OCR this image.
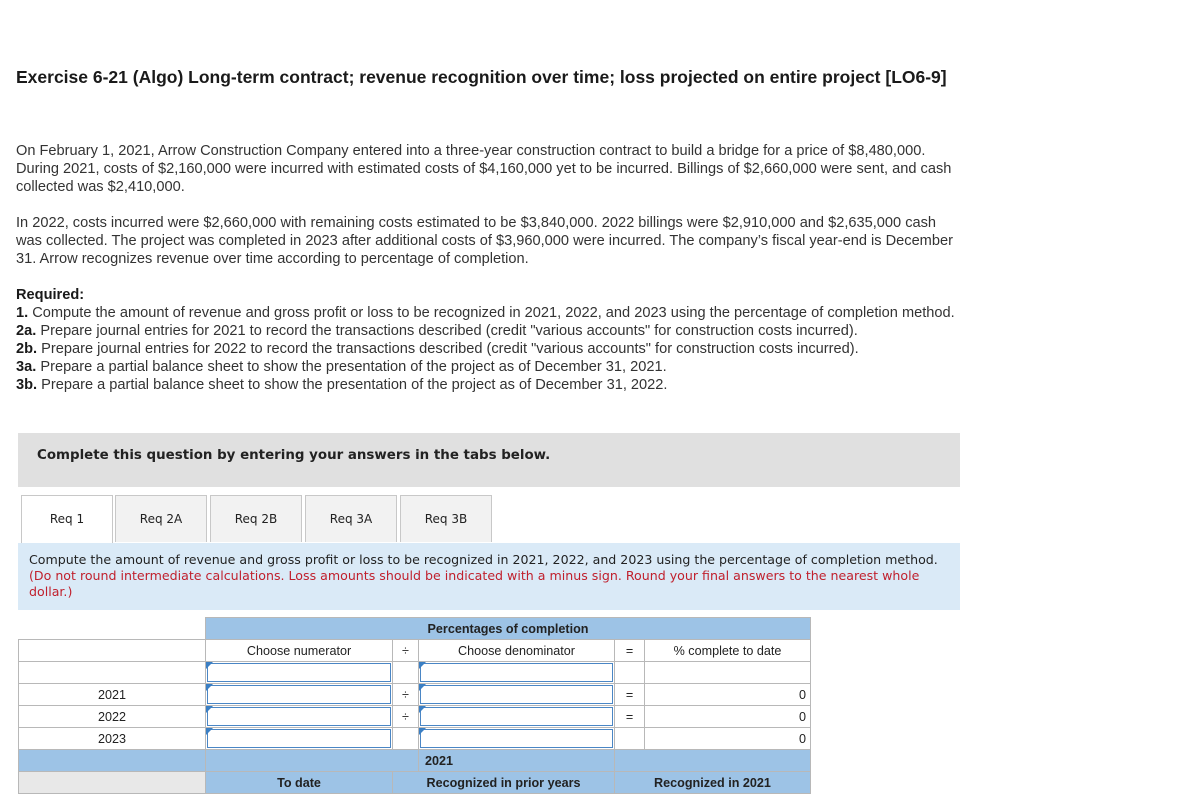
Exercise 6-21 (Algo) Long-term contract; revenue recognition over time; loss projected on entire project [LO6-9]
On February 1, 2021, Arrow Construction Company entered into a three-year construction contract to build a bridge for a price of $8,480,000. During 2021, costs of $2,160,000 were incurred with estimated costs of $4,160,000 yet to be incurred. Billings of $2,660,000 were sent, and cash collected was $2,410,000.
In 2022, costs incurred were $2,660,000 with remaining costs estimated to be $3,840,000. 2022 billings were $2,910,000 and $2,635,000 cash was collected. The project was completed in 2023 after additional costs of $3,960,000 were incurred. The company’s fiscal year-end is December 31. Arrow recognizes revenue over time according to percentage of completion.
Required:
1. Compute the amount of revenue and gross profit or loss to be recognized in 2021, 2022, and 2023 using the percentage of completion method.
2a. Prepare journal entries for 2021 to record the transactions described (credit "various accounts" for construction costs incurred).
2b. Prepare journal entries for 2022 to record the transactions described (credit "various accounts" for construction costs incurred).
3a. Prepare a partial balance sheet to show the presentation of the project as of December 31, 2021.
3b. Prepare a partial balance sheet to show the presentation of the project as of December 31, 2022.
Complete this question by entering your answers in the tabs below.
Req 1	Req 2A	Req 2B	Req 3A	Req 3B
Compute the amount of revenue and gross profit or loss to be recognized in 2021, 2022, and 2023 using the percentage of completion method. (Do not round intermediate calculations. Loss amounts should be indicated with a minus sign. Round your final answers to the nearest whole dollar.)
	Percentages of completion				
	Choose numerator	÷	Choose denominator	=	% complete to date

2021		÷		=	0
2022		÷		=	0
2023					0
			2021		
	To date	Recognized in prior years		Recognized in 2021	
